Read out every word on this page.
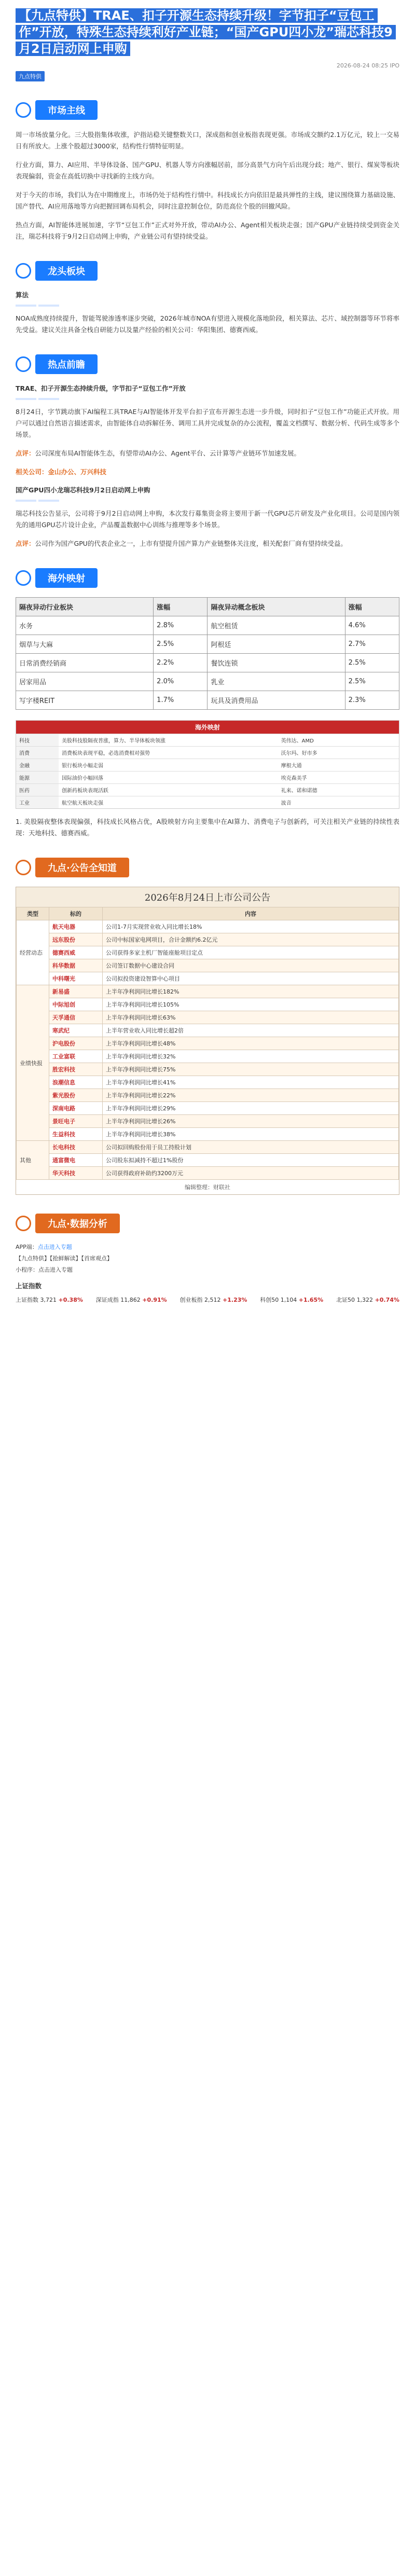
【九点特供】TRAE、扣子开源生态持续升级！字节扣子“豆包工作”开放，特殊生态持续利好产业链；“国产GPU四小龙”瑞芯科技9月2日启动网上申购
2026-08-24 08:25 IPO
九点特供
市场主线

周一市场放量分化。三大股指集体收涨，沪指站稳关键整数关口，深成指和创业板指表现更强。市场成交额约2.1万亿元，较上一交易日有所放大。上涨个股超过3000家，结构性行情特征明显。

行业方面，算力、AI应用、半导体设备、国产GPU、机器人等方向涨幅居前，部分高景气方向午后出现分歧；地产、银行、煤炭等板块表现偏弱，资金在高低切换中寻找新的主线方向。

对于今天的市场，我们认为在中期维度上，市场仍处于结构性行情中。科技成长方向依旧是最具弹性的主线，建议围绕算力基础设施、国产替代、AI应用落地等方向把握回调布局机会，同时注意控制仓位，防范高位个股的回撤风险。

热点方面，AI智能体进展加速，字节“豆包工作”正式对外开放，带动AI办公、Agent相关板块走强；国产GPU产业链持续受到资金关注，瑞芯科技将于9月2日启动网上申购，产业链公司有望持续受益。

龙头板块
算法

NOA成熟度持续提升，智能驾驶渗透率逐步突破，2026年城市NOA有望进入规模化落地阶段，相关算法、芯片、域控制器等环节将率先受益。建议关注具备全栈自研能力以及量产经验的相关公司：华阳集团、德赛西威。

热点前瞻
TRAE、扣子开源生态持续升级，字节扣子“豆包工作”开放

8月24日，字节跳动旗下AI编程工具TRAE与AI智能体开发平台扣子宣布开源生态进一步升级，同时扣子“豆包工作”功能正式开放。用户可以通过自然语言描述需求，由智能体自动拆解任务、调用工具并完成复杂的办公流程，覆盖文档撰写、数据分析、代码生成等多个场景。

点评：公司深度布局AI智能体生态，有望带动AI办公、Agent平台、云计算等产业链环节加速发展。

相关公司：金山办公、万兴科技

国产GPU四小龙瑞芯科技9月2日启动网上申购

瑞芯科技公告显示，公司将于9月2日启动网上申购，本次发行募集资金将主要用于新一代GPU芯片研发及产业化项目。公司是国内领先的通用GPU芯片设计企业，产品覆盖数据中心训练与推理等多个场景。

点评：公司作为国产GPU的代表企业之一，上市有望提升国产算力产业链整体关注度，相关配套厂商有望持续受益。

海外映射
隔夜异动行业板块	涨幅	隔夜异动概念板块	涨幅
水务	2.8%	航空租赁	4.6%
烟草与大麻	2.5%	阿根廷	2.7%
日常消费经销商	2.2%	餐饮连锁	2.5%
居家用品	2.0%	乳业	2.5%
写字楼REIT	1.7%	玩具及消费用品	2.3%
海外映射
科技	美股科技股隔夜普涨，算力、半导体板块领涨	英伟达、AMD
消费	消费板块表现平稳，必选消费相对强势	沃尔玛、好市多
金融	银行板块小幅走弱	摩根大通
能源	国际油价小幅回落	埃克森美孚
医药	创新药板块表现活跃	礼来、诺和诺德
工业	航空航天板块走强	波音

1. 美股隔夜整体表现偏强，科技成长风格占优，A股映射方向主要集中在AI算力、消费电子与创新药，可关注相关产业链的持续性表现：天地科技、德赛西威。

九点·公告全知道
2026年8月24日上市公司公告
类型	标的	内容
经营动态	航天电器	公司1-7月实现营业收入同比增长18%
	远东股份	公司中标国家电网项目，合计金额约6.2亿元
	德赛西威	公司获得多家主机厂智能座舱项目定点
	科华数据	公司签订数据中心建设合同
	中科曙光	公司拟投资建设智算中心项目
业绩快报	新易盛	上半年净利润同比增长182%
	中际旭创	上半年净利润同比增长105%
	天孚通信	上半年净利润同比增长63%
	寒武纪	上半年营业收入同比增长超2倍
	沪电股份	上半年净利润同比增长48%
	工业富联	上半年净利润同比增长32%
	胜宏科技	上半年净利润同比增长75%
	浪潮信息	上半年净利润同比增长41%
	紫光股份	上半年净利润同比增长22%
	深南电路	上半年净利润同比增长29%
	景旺电子	上半年净利润同比增长26%
	生益科技	上半年净利润同比增长38%
其他	长电科技	公司拟回购股份用于员工持股计划
	通富微电	公司股东拟减持不超过1%股份
	华天科技	公司获得政府补助约3200万元
编辑整理：财联社
九点·数据分析

APP端：点击进入专题

【九点特供】【抢鲜解读】【首席观点】

小程序：点击进入专题

上证指数
上证指数 3,721 +0.38% 深证成指 11,862 +0.91% 创业板指 2,512 +1.23% 科创50 1,104 +1.65% 北证50 1,322 +0.74%
